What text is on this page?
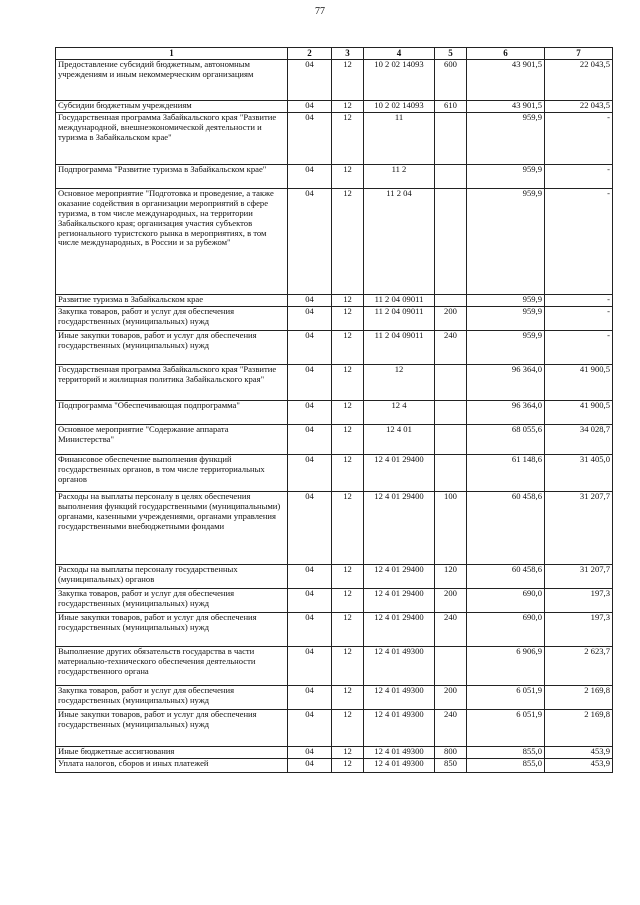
77
1	2	3	4	5	6	7
Предоставление субсидий бюджетным, автономным учреждениям и иным некоммерческим организациям	04	12	10 2 02 14093	600	43 901,5	22 043,5
Субсидии бюджетным учреждениям	04	12	10 2 02 14093	610	43 901,5	22 043,5
Государственная программа Забайкальского края "Развитие международной, внешнеэкономической деятельности и туризма в Забайкальском крае"	04	12	11		959,9	-
Подпрограмма "Развитие туризма в Забайкальском крае"	04	12	11 2		959,9	-
Основное мероприятие "Подготовка и проведение, а также оказание содействия в организации мероприятий в сфере туризма, в том числе международных, на территории Забайкальского края; организация участия субъектов регионального туристского рынка в мероприятиях, в том числе международных, в России и за рубежом"	04	12	11 2 04		959,9	-
Развитие туризма в Забайкальском крае	04	12	11 2 04 09011		959,9	-
Закупка товаров, работ и услуг для обеспечения государственных (муниципальных) нужд	04	12	11 2 04 09011	200	959,9	-
Иные закупки товаров, работ и услуг для обеспечения государственных (муниципальных) нужд	04	12	11 2 04 09011	240	959,9	-
Государственная программа Забайкальского края "Развитие территорий и жилищная политика Забайкальского края"	04	12	12		96 364,0	41 900,5
Подпрограмма "Обеспечивающая подпрограмма"	04	12	12 4		96 364,0	41 900,5
Основное мероприятие "Содержание аппарата Министерства"	04	12	12 4 01		68 055,6	34 028,7
Финансовое обеспечение выполнения функций государственных органов, в том числе территориальных органов	04	12	12 4 01 29400		61 148,6	31 405,0
Расходы на выплаты персоналу в целях обеспечения выполнения функций государственными (муниципальными) органами, казенными учреждениями, органами управления государственными внебюджетными фондами	04	12	12 4 01 29400	100	60 458,6	31 207,7
Расходы на выплаты персоналу государственных (муниципальных) органов	04	12	12 4 01 29400	120	60 458,6	31 207,7
Закупка товаров, работ и услуг для обеспечения государственных (муниципальных) нужд	04	12	12 4 01 29400	200	690,0	197,3
Иные закупки товаров, работ и услуг для обеспечения государственных (муниципальных) нужд	04	12	12 4 01 29400	240	690,0	197,3
Выполнение других обязательств государства в части материально-технического обеспечения деятельности государственного органа	04	12	12 4 01 49300		6 906,9	2 623,7
Закупка товаров, работ и услуг для обеспечения государственных (муниципальных) нужд	04	12	12 4 01 49300	200	6 051,9	2 169,8
Иные закупки товаров, работ и услуг для обеспечения государственных (муниципальных) нужд	04	12	12 4 01 49300	240	6 051,9	2 169,8
Иные бюджетные ассигнования	04	12	12 4 01 49300	800	855,0	453,9
Уплата налогов, сборов и иных платежей	04	12	12 4 01 49300	850	855,0	453,9
